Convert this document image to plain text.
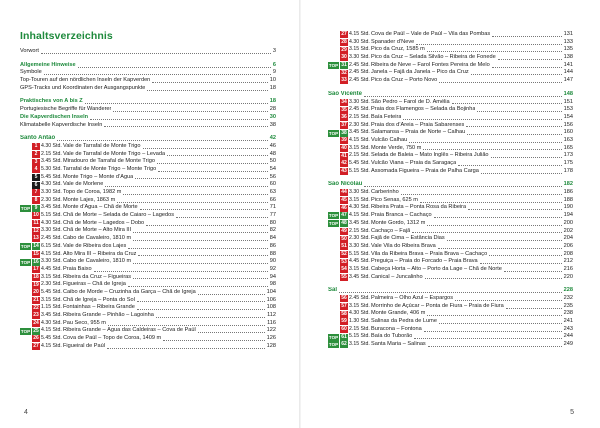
Inhaltsverzeichnis
Vorwort	3
Allgemeine Hinweise	6
Symbole	9
Top-Touren auf den nördlichen Inseln der Kapverden	10
GPS-Tracks und Koordinaten der Ausgangspunkte	18
Praktisches von A bis Z	18
Portugiesische Begriffe für Wanderer	28
Die Kapverdischen Inseln	30
Klimatabelle Kapverdische Inseln	38
Santo Antão	42
1 4.30 Std. Vale de Tarrafal de Monte Trigo	46
2 2.15 Std. Vale de Tarrafal de Monte Trigo – Levada	48
3 3.45 Std. Miradouro de Tarrafal de Monte Trigo	50
4 5.30 Std. Tarrafal de Monte Trigo – Monte Trigo	54
5 5.45 Std. Monte Trigo – Monte d’Água	56
6 4.30 Std. Vale de Morlene	60
7 3.30 Std. Topo de Coroa, 1982 m	63
8 2.30 Std. Monte Lajes, 1863 m	66
TOP 9 3.45 Std. Monte d’Água – Chã de Morte	71
10 5.15 Std. Chã de Morte – Selada de Caiaro – Lagedos	77
11 4.30 Std. Chã de Morte – Lagedos – Dobo	80
12 3.30 Std. Chã de Morte – Alto Mira III	82
13 2.45 Std. Cabo de Cavaleiro, 1810 m	84
TOP 14 6.15 Std. Vale de Ribeira dos Lajes	86
15 4.15 Std. Alto Mira III – Ribeira da Cruz	88
TOP 16 3.30 Std. Cabo de Cavaleiro, 1810 m	90
17 4.45 Std. Praia Baixo	92
18 3.15 Std. Ribeira da Cruz – Figueiras	94
19 2.30 Std. Figueiras – Chã de Igreja	98
20 5.45 Std. Caibo de Morde – Cruzinha da Garça – Chã de Igreja	104
21 3.15 Std. Chã de Igreja – Ponta do Sol	106
22 1.15 Std. Fontainhas – Ribeira Grande	108
23 3.45 Std. Ribeira Grande – Pinhão – Lagoinha	112
24 4.30 Std. Pau Seco, 955 m	116
TOP 25 4.15 Std. Ribeira Grande – Água das Caldeiras – Cova de Paúl	122
26 5.45 Std. Cova de Paúl – Topo de Coroa, 1409 m	126
27 4.15 Std. Figueiral de Paúl	128
4
27 4.15 Std. Cova de Paúl – Vale de Paúl – Vila das Pombas	131
28 4.30 Std. Spanader d’Neve	133
29 3.15 Std. Pico da Cruz, 1585 m	135
30 3.30 Std. Pico da Cruz – Selada Silvão – Ribeira de Fonede	138
TOP 31 2.45 Std. Ribeira de Neve – Farol Fontes Pereira de Melo	141
32 2.45 Std. Janela – Fajã da Janela – Pico da Cruz	144
33 2.45 Std. Pico da Cruz – Porto Novo	147
São Vicente	148
34 3.30 Std. São Pedro – Farol de D. Amélia	151
35 2.45 Std. Praia dos Flamengos – Selada da Bojinha	153
36 2.15 Std. Baía Feteira	154
37 2.30 Std. Praia dos d’Areia – Praia Sabarenses	156
TOP 38 3.45 Std. Salamansa – Praia de Norte – Calhau	160
39 4.15 Std. Vulcão Calhau	163
40 3.15 Std. Monte Verde, 750 m	165
41 2.15 Std. Selada de Baleia – Mato Inglês – Ribeira Julião	173
42 5.45 Std. Vulcão Viana – Praia da Saragaça	175
43 5.15 Std. Assomada Figueira – Praia de Palha Carga	178
São Nicolau	182
44 3.30 Std. Carberinho	186
45 3.15 Std. Pico Senas, 625 m	188
46 4.30 Std. Ribeira Prata – Ponta Rosa da Ribeira	190
TOP 47 4.15 Std. Praia Branca – Cachaço	194
TOP 48 3.45 Std. Monte Gordo, 1312 m	200
49 2.15 Std. Cachaço – Fajã	202
50 2.30 Std. Fajã de Cima – Estância Dias	204
51 3.30 Std. Vale Vila do Ribeira Brava	206
52 5.15 Std. Vila da Ribeira Brava – Praia Brava – Cachaço	208
53 4.45 Std. Preguiça – Praia do Forcado – Praia Brava	212
54 3.15 Std. Cabeça Horta – Alto – Porto da Lage – Chã de Norte	216
55 3.45 Std. Canical – Juncalinho	220
Sal	228
56 2.45 Std. Palmeira – Olho Azul – Espargos	232
57 3.15 Std. Morrinho de Açúcar – Ponta de Fiura – Praia de Fiura	235
58 4.30 Std. Monte Grande, 406 m	238
59 1.30 Std. Salinas da Pedra de Lume	241
60 2.15 Std. Buracona – Fontona	243
TOP 61 5.15 Std. Baía do Tuborão	244
TOP 62 3.15 Std. Santa Maria – Salinas	249
5
